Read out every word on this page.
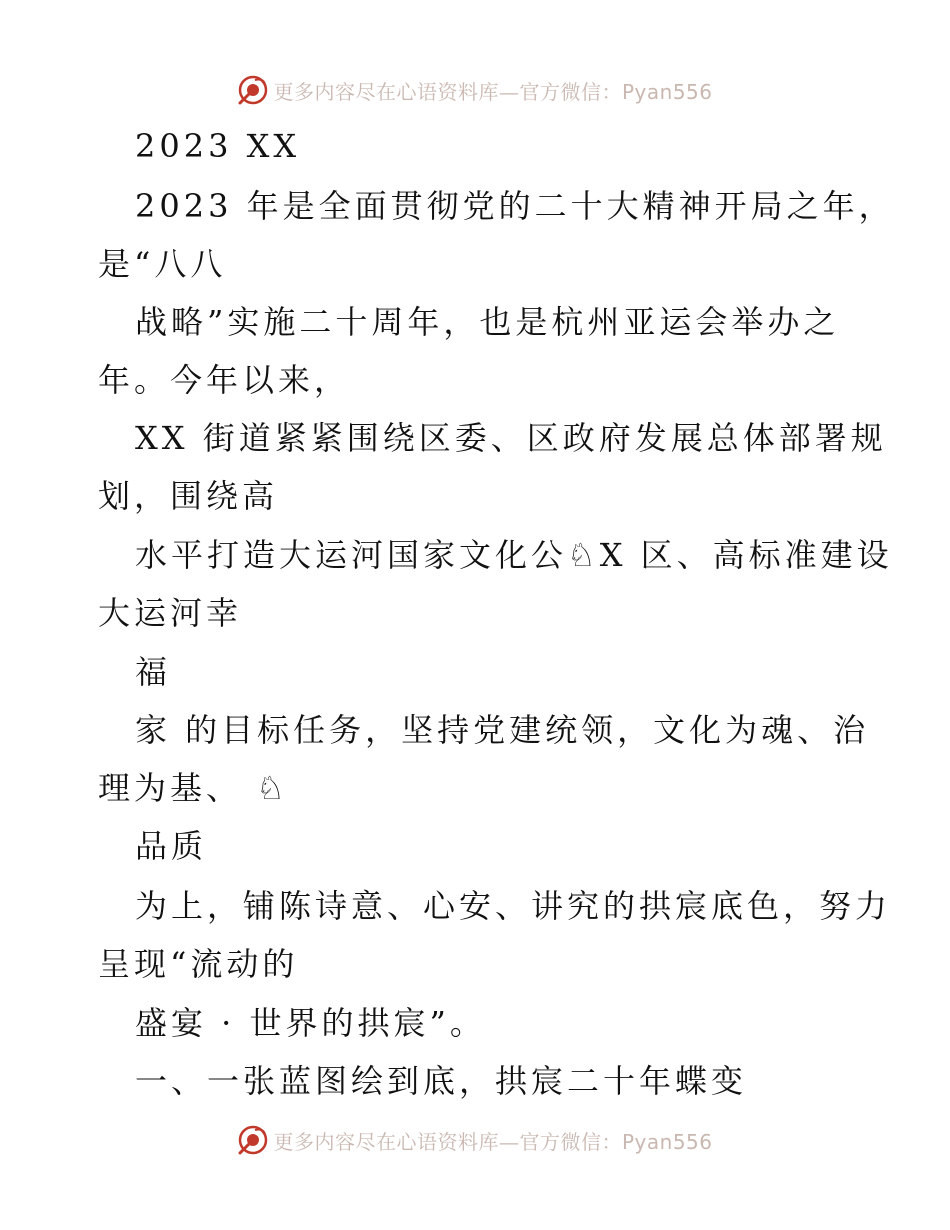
更多内容尽在心语资料库—官方微信：Pyan556
2023 XX
2023 年是全面贯彻党的二十大精神开局之年，
是“八八
战略”实施二十周年，也是杭州亚运会举办之
年。今年以来，
XX 街道紧紧围绕区委、区政府发展总体部署规
划，围绕高
水平打造大运河国家文化公♘X 区、高标准建设
大运河幸
福
家 的目标任务，坚持党建统领，文化为魂、治
理为基、 ♘
品质
为上，铺陈诗意、心安、讲究的拱宸底色，努力
呈现“流动的
盛宴 · 世界的拱宸”。
一、一张蓝图绘到底，拱宸二十年蝶变
更多内容尽在心语资料库—官方微信：Pyan556
